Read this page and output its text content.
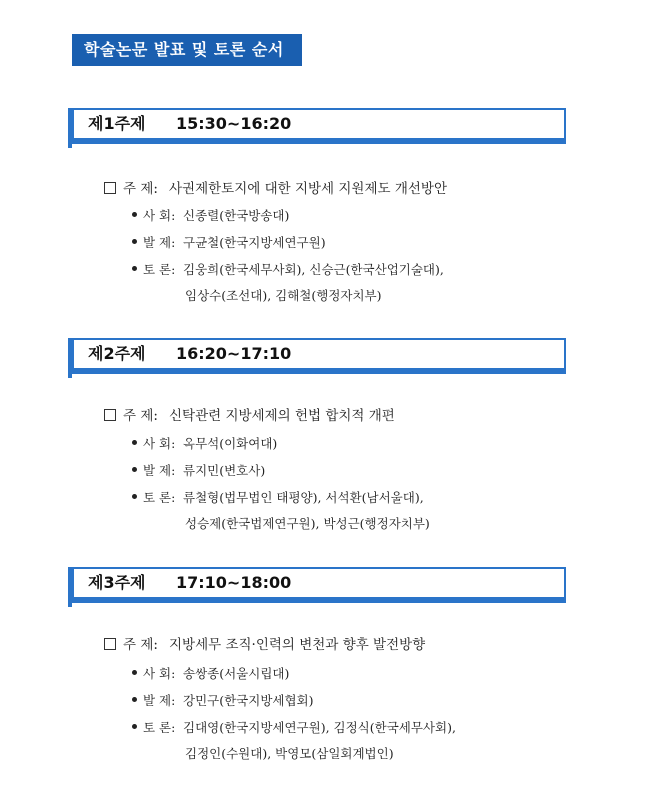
학술논문 발표 및 토론 순서
제1주제 15:30~16:20
주 제: 사권제한토지에 대한 지방세 지원제도 개선방안
사 회: 신종렬(한국방송대)
발 제: 구균철(한국지방세연구원)
토 론: 김웅희(한국세무사회), 신승근(한국산업기술대),
임상수(조선대), 김해철(행정자치부)
제2주제 16:20~17:10
주 제: 신탁관련 지방세제의 헌법 합치적 개편
사 회: 옥무석(이화여대)
발 제: 류지민(변호사)
토 론: 류철형(법무법인 태평양), 서석환(남서울대),
성승제(한국법제연구원), 박성근(행정자치부)
제3주제 17:10~18:00
주 제: 지방세무 조직·인력의 변천과 향후 발전방향
사 회: 송쌍종(서울시립대)
발 제: 강민구(한국지방세협회)
토 론: 김대영(한국지방세연구원), 김정식(한국세무사회),
김정인(수원대), 박영모(삼일회계법인)
